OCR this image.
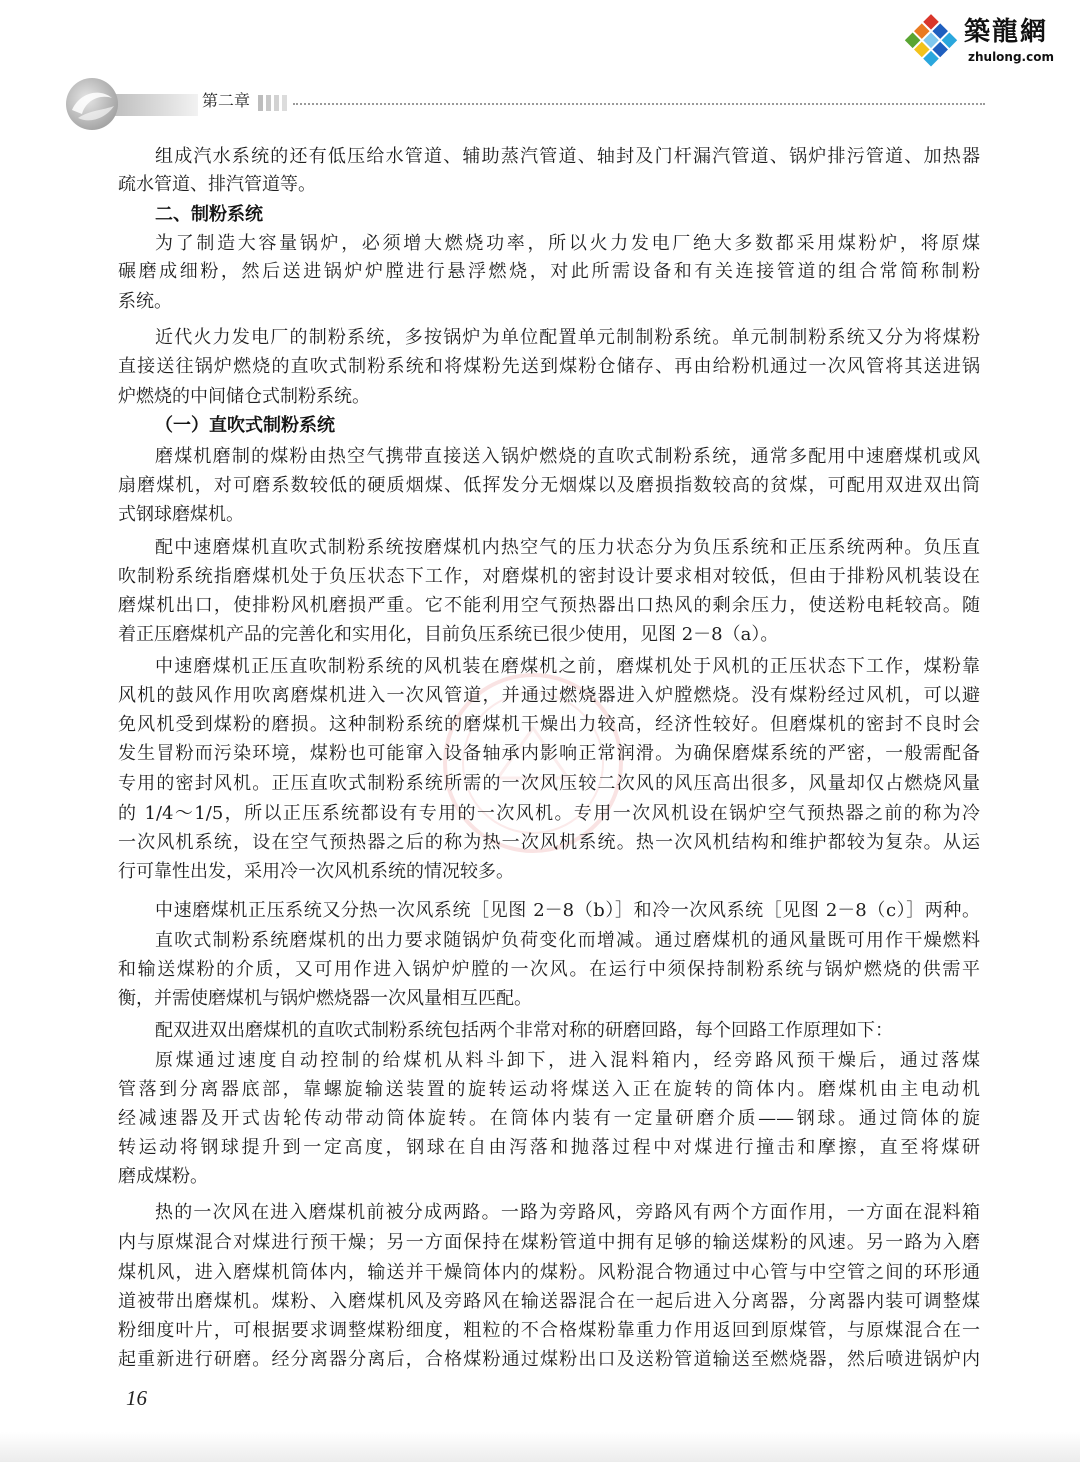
築龍網
zhulong.com
第二章
组成汽水系统的还有低压给水管道、辅助蒸汽管道、轴封及门杆漏汽管道、锅炉排污管道、加热器
疏水管道、排汽管道等。
二、制粉系统
为了制造大容量锅炉，必须增大燃烧功率，所以火力发电厂绝大多数都采用煤粉炉，将原煤
碾磨成细粉，然后送进锅炉炉膛进行悬浮燃烧，对此所需设备和有关连接管道的组合常简称制粉
系统。
近代火力发电厂的制粉系统，多按锅炉为单位配置单元制制粉系统。单元制制粉系统又分为将煤粉
直接送往锅炉燃烧的直吹式制粉系统和将煤粉先送到煤粉仓储存、再由给粉机通过一次风管将其送进锅
炉燃烧的中间储仓式制粉系统。
（一）直吹式制粉系统
磨煤机磨制的煤粉由热空气携带直接送入锅炉燃烧的直吹式制粉系统，通常多配用中速磨煤机或风
扇磨煤机，对可磨系数较低的硬质烟煤、低挥发分无烟煤以及磨损指数较高的贫煤，可配用双进双出筒
式钢球磨煤机。
配中速磨煤机直吹式制粉系统按磨煤机内热空气的压力状态分为负压系统和正压系统两种。负压直
吹制粉系统指磨煤机处于负压状态下工作，对磨煤机的密封设计要求相对较低，但由于排粉风机装设在
磨煤机出口，使排粉风机磨损严重。它不能利用空气预热器出口热风的剩余压力，使送粉电耗较高。随
着正压磨煤机产品的完善化和实用化，目前负压系统已很少使用，见图 2－8（a）。
中速磨煤机正压直吹制粉系统的风机装在磨煤机之前，磨煤机处于风机的正压状态下工作，煤粉靠
风机的鼓风作用吹离磨煤机进入一次风管道，并通过燃烧器进入炉膛燃烧。没有煤粉经过风机，可以避
免风机受到煤粉的磨损。这种制粉系统的磨煤机干燥出力较高，经济性较好。但磨煤机的密封不良时会
发生冒粉而污染环境，煤粉也可能窜入设备轴承内影响正常润滑。为确保磨煤系统的严密，一般需配备
专用的密封风机。正压直吹式制粉系统所需的一次风压较二次风的风压高出很多，风量却仅占燃烧风量
的 1/4～1/5，所以正压系统都设有专用的一次风机。专用一次风机设在锅炉空气预热器之前的称为冷
一次风机系统，设在空气预热器之后的称为热一次风机系统。热一次风机结构和维护都较为复杂。从运
行可靠性出发，采用冷一次风机系统的情况较多。
中速磨煤机正压系统又分热一次风系统［见图 2－8（b）］和冷一次风系统［见图 2－8（c）］两种。
直吹式制粉系统磨煤机的出力要求随锅炉负荷变化而增减。通过磨煤机的通风量既可用作干燥燃料
和输送煤粉的介质，又可用作进入锅炉炉膛的一次风。在运行中须保持制粉系统与锅炉燃烧的供需平
衡，并需使磨煤机与锅炉燃烧器一次风量相互匹配。
配双进双出磨煤机的直吹式制粉系统包括两个非常对称的研磨回路，每个回路工作原理如下：
原煤通过速度自动控制的给煤机从料斗卸下，进入混料箱内，经旁路风预干燥后，通过落煤
管落到分离器底部，靠螺旋输送装置的旋转运动将煤送入正在旋转的筒体内。磨煤机由主电动机
经减速器及开式齿轮传动带动筒体旋转。在筒体内装有一定量研磨介质——钢球。通过筒体的旋
转运动将钢球提升到一定高度，钢球在自由泻落和抛落过程中对煤进行撞击和摩擦，直至将煤研
磨成煤粉。
热的一次风在进入磨煤机前被分成两路。一路为旁路风，旁路风有两个方面作用，一方面在混料箱
内与原煤混合对煤进行预干燥；另一方面保持在煤粉管道中拥有足够的输送煤粉的风速。另一路为入磨
煤机风，进入磨煤机筒体内，输送并干燥筒体内的煤粉。风粉混合物通过中心管与中空管之间的环形通
道被带出磨煤机。煤粉、入磨煤机风及旁路风在输送器混合在一起后进入分离器，分离器内装可调整煤
粉细度叶片，可根据要求调整煤粉细度，粗粒的不合格煤粉靠重力作用返回到原煤管，与原煤混合在一
起重新进行研磨。经分离器分离后，合格煤粉通过煤粉出口及送粉管道输送至燃烧器，然后喷进锅炉内
16
